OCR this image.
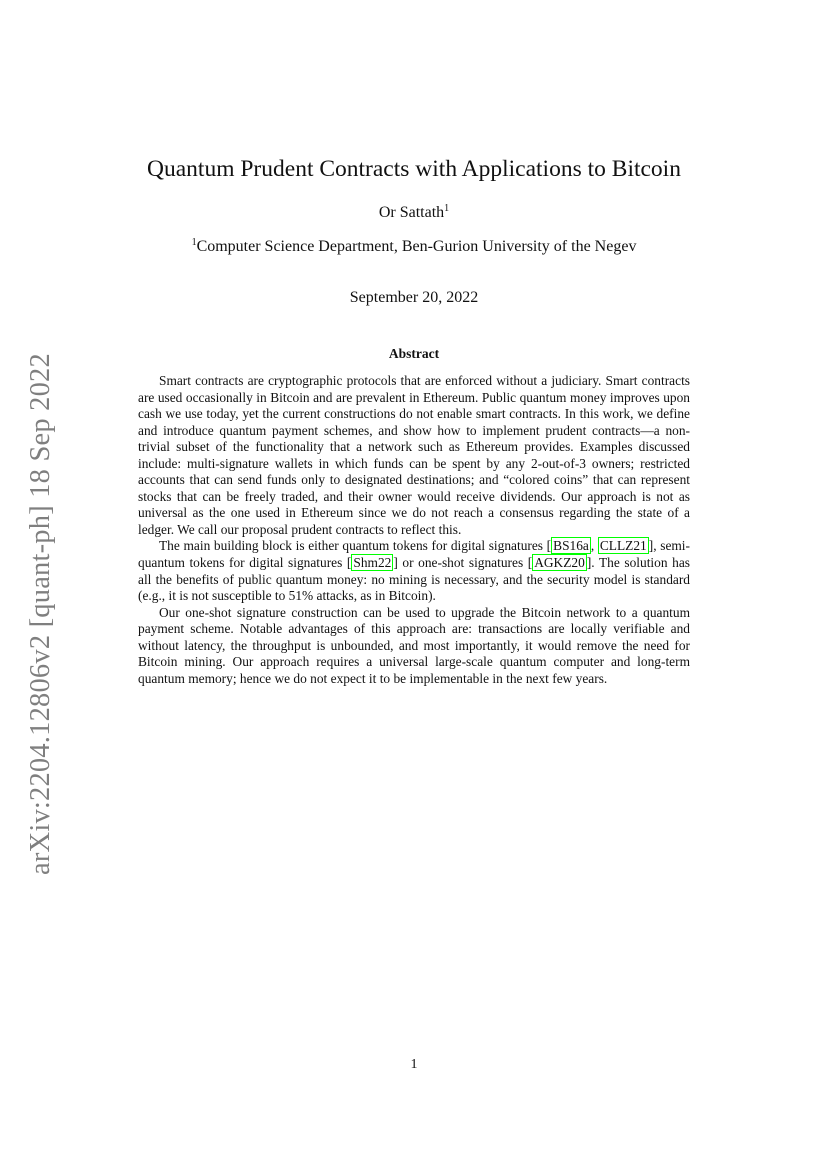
arXiv:2204.12806v2 [quant-ph] 18 Sep 2022
Quantum Prudent Contracts with Applications to Bitcoin
Or Sattath$^1$
$^1$Computer Science Department, Ben-Gurion University of the Negev
September 20, 2022
Abstract

Smart contracts are cryptographic protocols that are enforced without a judiciary. Smart contracts are used occasionally in Bitcoin and are prevalent in Ethereum. Public quantum money improves upon cash we use today, yet the current constructions do not enable smart contracts. In this work, we define and introduce quantum payment schemes, and show how to implement prudent contracts—a non-trivial subset of the functionality that a network such as Ethereum provides. Examples discussed include: multi-signature wallets in which funds can be spent by any 2-out-of-3 owners; restricted accounts that can send funds only to designated destinations; and “colored coins” that can represent stocks that can be freely traded, and their owner would receive dividends. Our approach is not as universal as the one used in Ethereum since we do not reach a consensus regarding the state of a ledger. We call our proposal prudent contracts to reflect this.

The main building block is either quantum tokens for digital signatures [ BS16a , CLLZ21 ], semi-quantum tokens for digital signatures [ Shm22 ] or one-shot signatures [ AGKZ20 ]. The solution has all the benefits of public quantum money: no mining is necessary, and the security model is standard (e.g., it is not susceptible to 51% attacks, as in Bitcoin).

Our one-shot signature construction can be used to upgrade the Bitcoin network to a quantum payment scheme. Notable advantages of this approach are: transactions are locally verifiable and without latency, the throughput is unbounded, and most importantly, it would remove the need for Bitcoin mining. Our approach requires a universal large-scale quantum computer and long-term quantum memory; hence we do not expect it to be implementable in the next few years.

1
